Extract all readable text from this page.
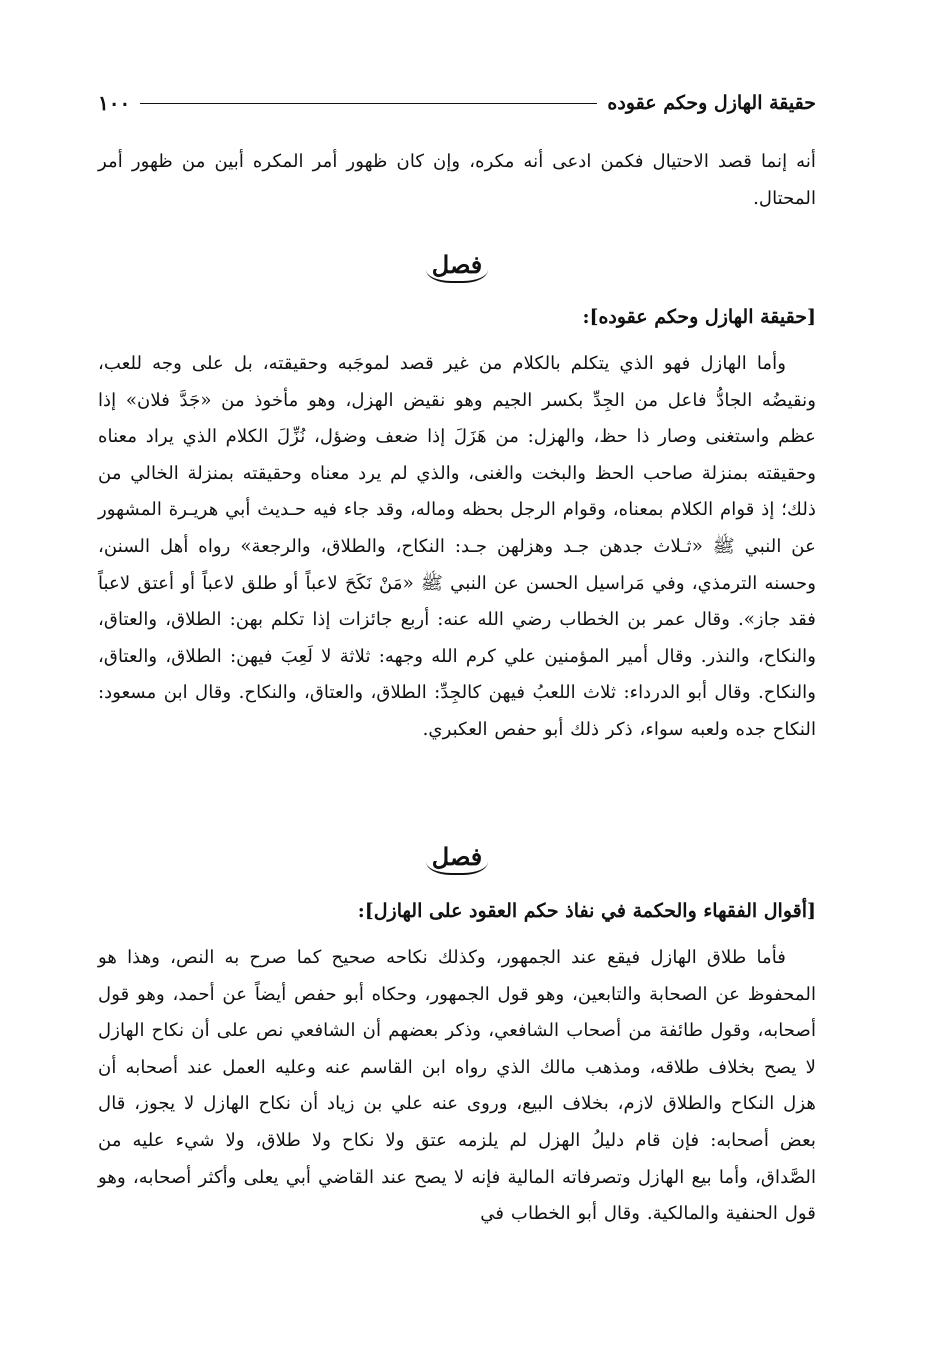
حقيقة الهازل وحكم عقوده
١٠٠

أنه إنما قصد الاحتيال فكمن ادعى أنه مكره، وإن كان ظهور أمر المكره أبين من ظهور أمر المحتال.

فصل
[حقيقة الهازل وحكم عقوده]:

وأما الهازل فهو الذي يتكلم بالكلام من غير قصد لموجَبه وحقيقته، بل على وجه للعب، ونقيضُه الجادُّ فاعل من الجِدِّ بكسر الجيم وهو نقيض الهزل، وهو مأخوذ من «جَدَّ فلان» إذا عظم واستغنى وصار ذا حظ، والهزل: من هَزَلَ إذا ضعف وضؤل، نُزِّلَ الكلام الذي يراد معناه وحقيقته بمنزلة صاحب الحظ والبخت والغنى، والذي لم يرد معناه وحقيقته بمنزلة الخالي من ذلك؛ إذ قوام الكلام بمعناه، وقوام الرجل بحظه وماله، وقد جاء فيه حـديث أبي هريـرة المشهور عن النبي ﷺ «ثـلاث جدهن جـد وهزلهن جـد: النكاح، والطلاق، والرجعة» رواه أهل السنن، وحسنه الترمذي، وفي مَراسيل الحسن عن النبي ﷺ «مَنْ نَكَحَ لاعباً أو طلق لاعباً أو أعتق لاعباً فقد جاز». وقال عمر بن الخطاب رضي الله عنه: أربع جائزات إذا تكلم بهن: الطلاق، والعتاق، والنكاح، والنذر. وقال أمير المؤمنين علي كرم الله وجهه: ثلاثة لا لَعِبَ فيهن: الطلاق، والعتاق، والنكاح. وقال أبو الدرداء: ثلاث اللعبُ فيهن كالجِدِّ: الطلاق، والعتاق، والنكاح. وقال ابن مسعود: النكاح جده ولعبه سواء، ذكر ذلك أبو حفص العكبري.

فصل
[أقوال الفقهاء والحكمة في نفاذ حكم العقود على الهازل]:

فأما طلاق الهازل فيقع عند الجمهور، وكذلك نكاحه صحيح كما صرح به النص، وهذا هو المحفوظ عن الصحابة والتابعين، وهو قول الجمهور، وحكاه أبو حفص أيضاً عن أحمد، وهو قول أصحابه، وقول طائفة من أصحاب الشافعي، وذكر بعضهم أن الشافعي نص على أن نكاح الهازل لا يصح بخلاف طلاقه، ومذهب مالك الذي رواه ابن القاسم عنه وعليه العمل عند أصحابه أن هزل النكاح والطلاق لازم، بخلاف البيع، وروى عنه علي بن زياد أن نكاح الهازل لا يجوز، قال بعض أصحابه: فإن قام دليلُ الهزل لم يلزمه عتق ولا نكاح ولا طلاق، ولا شيء عليه من الصَّداق، وأما بيع الهازل وتصرفاته المالية فإنه لا يصح عند القاضي أبي يعلى وأكثر أصحابه، وهو قول الحنفية والمالكية. وقال أبو الخطاب في
